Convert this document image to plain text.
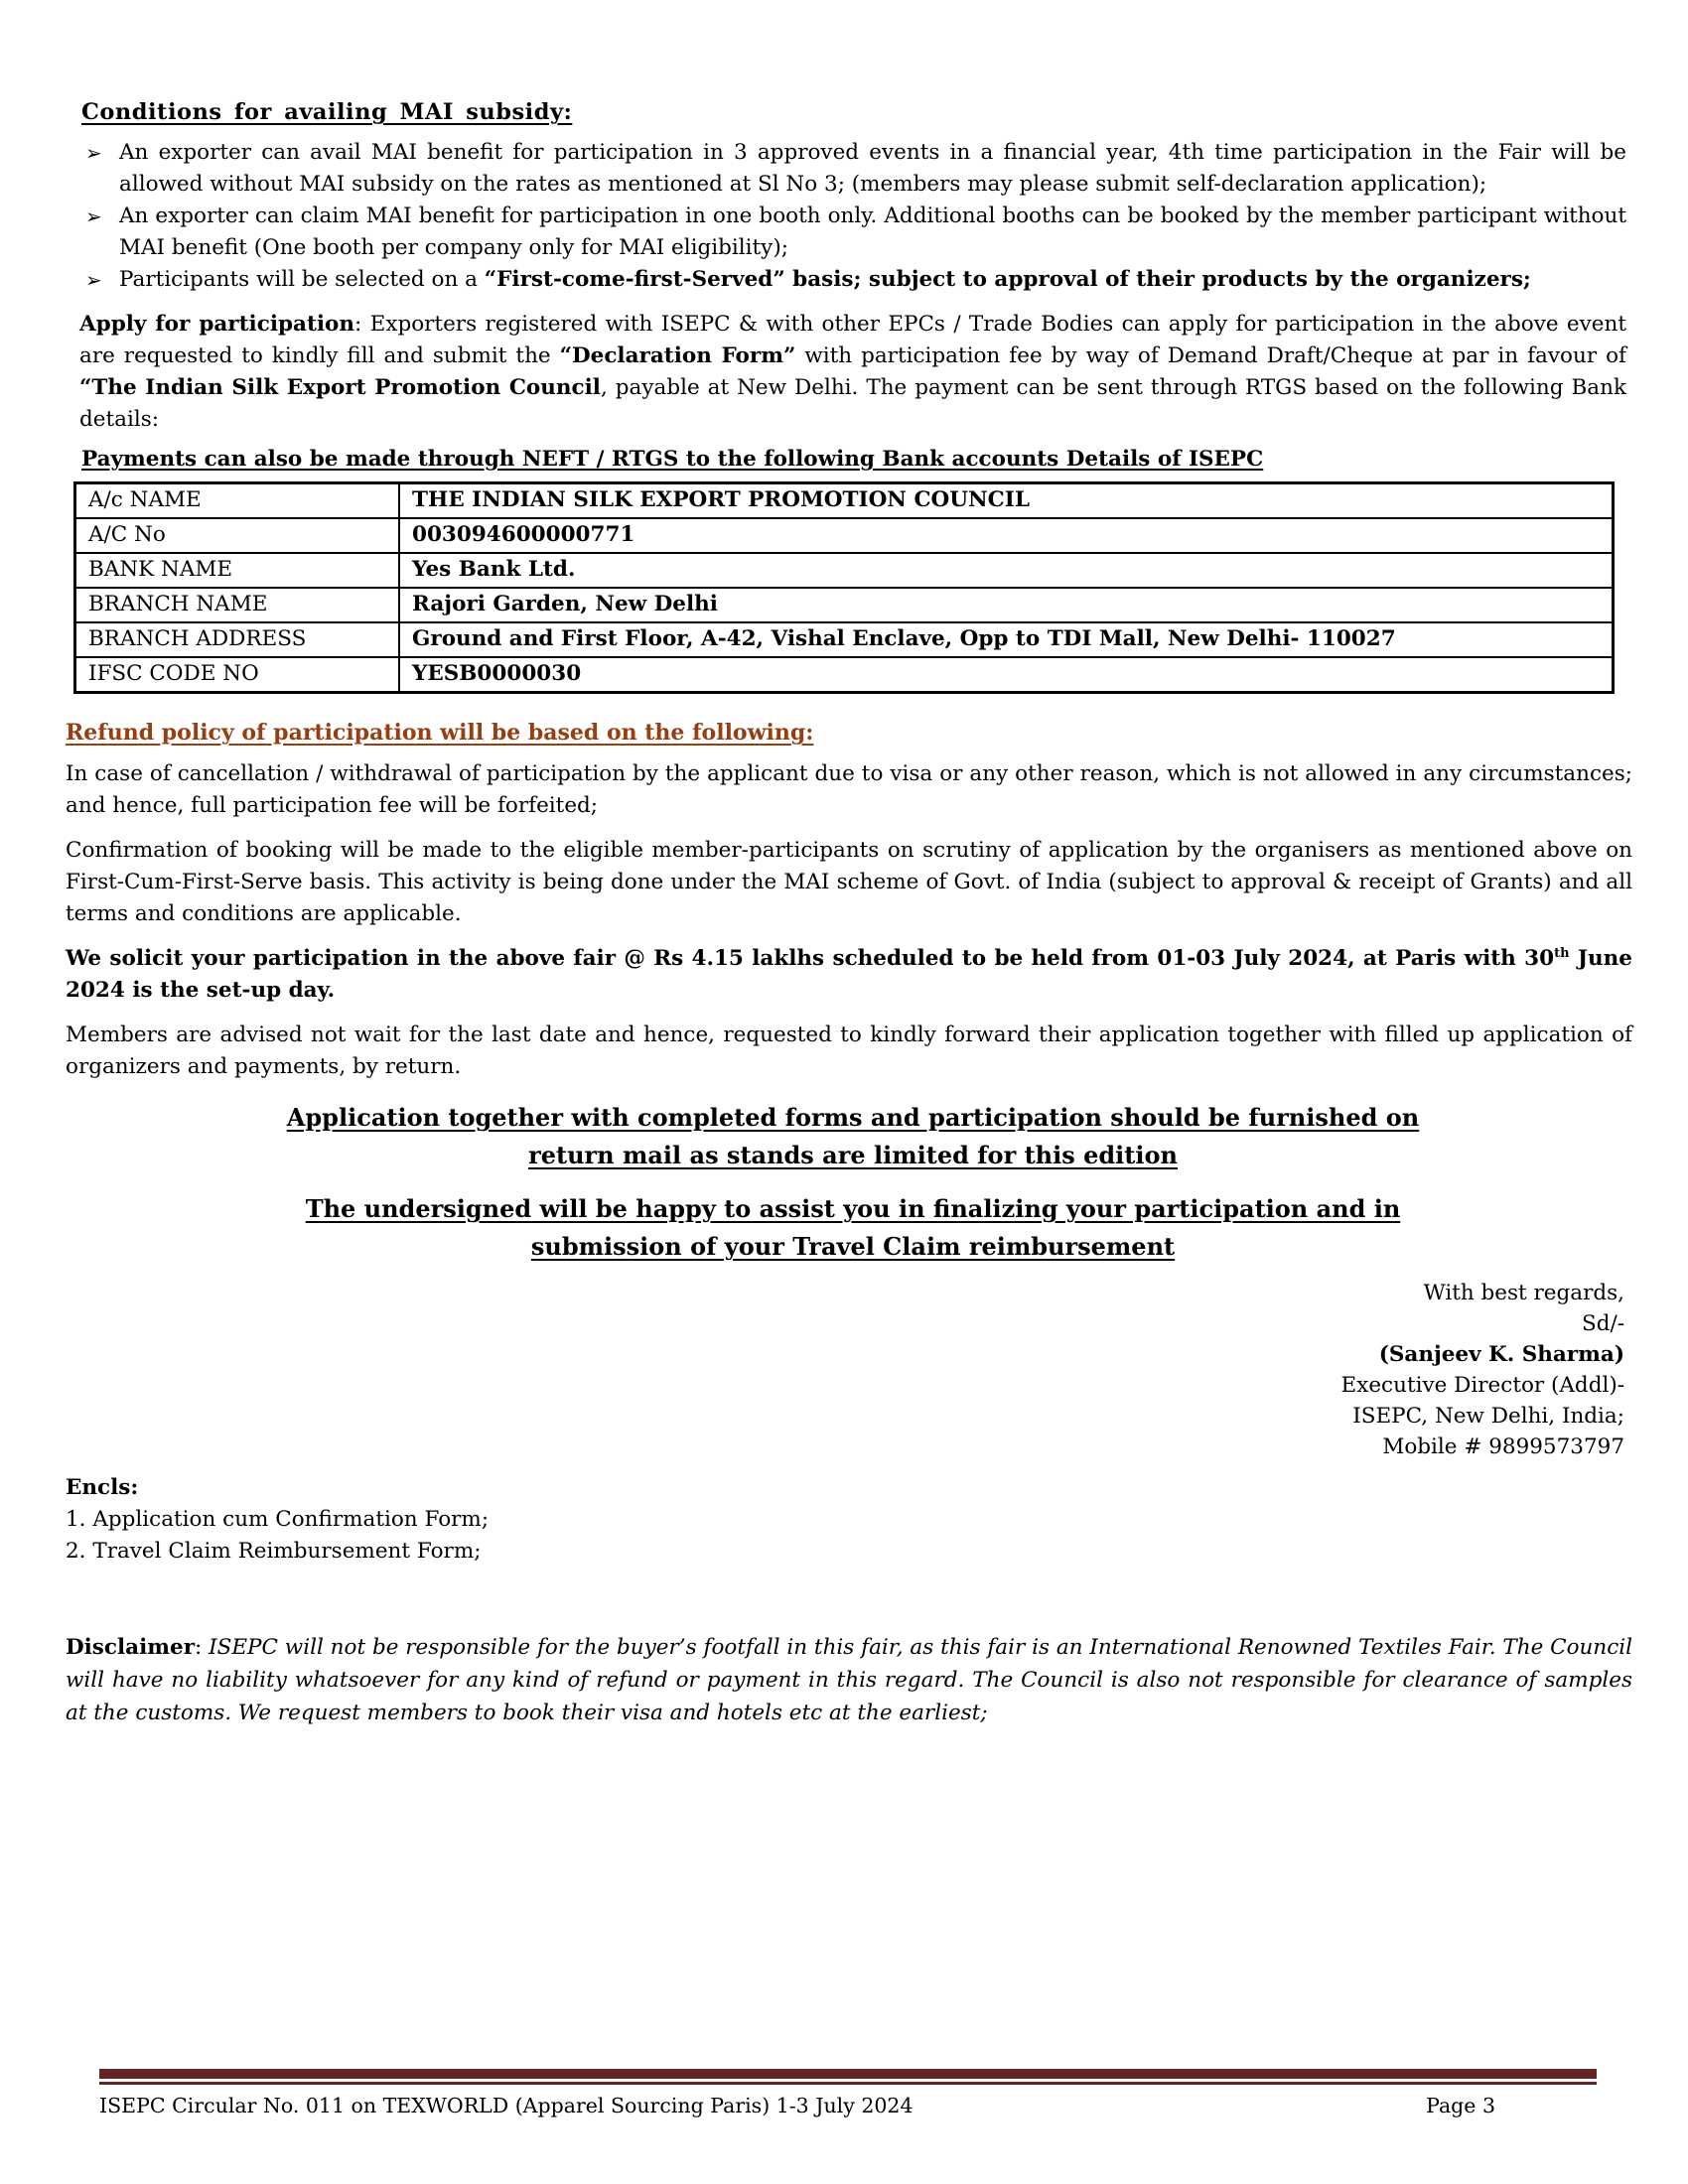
Conditions for availing MAI subsidy:
➢ An exporter can avail MAI benefit for participation in 3 approved events in a financial year, 4th time participation in the Fair will be allowed without MAI subsidy on the rates as mentioned at Sl No 3; (members may please submit self-declaration application);
➢ An exporter can claim MAI benefit for participation in one booth only. Additional booths can be booked by the member participant without MAI benefit (One booth per company only for MAI eligibility);
➢ Participants will be selected on a “First-come-first-Served” basis; subject to approval of their products by the organizers;
Apply for participation: Exporters registered with ISEPC & with other EPCs / Trade Bodies can apply for participation in the above event are requested to kindly fill and submit the “Declaration Form” with participation fee by way of Demand Draft/Cheque at par in favour of “The Indian Silk Export Promotion Council, payable at New Delhi. The payment can be sent through RTGS based on the following Bank details:
Payments can also be made through NEFT / RTGS to the following Bank accounts Details of ISEPC
A/c NAME	THE INDIAN SILK EXPORT PROMOTION COUNCIL
A/C No	003094600000771
BANK NAME	Yes Bank Ltd.
BRANCH NAME	Rajori Garden, New Delhi
BRANCH ADDRESS	Ground and First Floor, A-42, Vishal Enclave, Opp to TDI Mall, New Delhi- 110027
IFSC CODE NO	YESB0000030
Refund policy of participation will be based on the following:
In case of cancellation / withdrawal of participation by the applicant due to visa or any other reason, which is not allowed in any circumstances; and hence, full participation fee will be forfeited;
Confirmation of booking will be made to the eligible member-participants on scrutiny of application by the organisers as mentioned above on First-Cum-First-Serve basis. This activity is being done under the MAI scheme of Govt. of India (subject to approval & receipt of Grants) and all terms and conditions are applicable.
We solicit your participation in the above fair @ Rs 4.15 laklhs scheduled to be held from 01-03 July 2024, at Paris with 30th June 2024 is the set-up day.
Members are advised not wait for the last date and hence, requested to kindly forward their application together with filled up application of organizers and payments, by return.
Application together with completed forms and participation should be furnished on
return mail as stands are limited for this edition
The undersigned will be happy to assist you in finalizing your participation and in
submission of your Travel Claim reimbursement
With best regards,
Sd/-
(Sanjeev K. Sharma)
Executive Director (Addl)-
ISEPC, New Delhi, India;
Mobile # 9899573797
Encls:
1. Application cum Confirmation Form;
2. Travel Claim Reimbursement Form;
Disclaimer: ISEPC will not be responsible for the buyer’s footfall in this fair, as this fair is an International Renowned Textiles Fair. The Council will have no liability whatsoever for any kind of refund or payment in this regard. The Council is also not responsible for clearance of samples at the customs. We request members to book their visa and hotels etc at the earliest;
ISEPC Circular No. 011 on TEXWORLD (Apparel Sourcing Paris) 1-3 July 2024	Page 3
